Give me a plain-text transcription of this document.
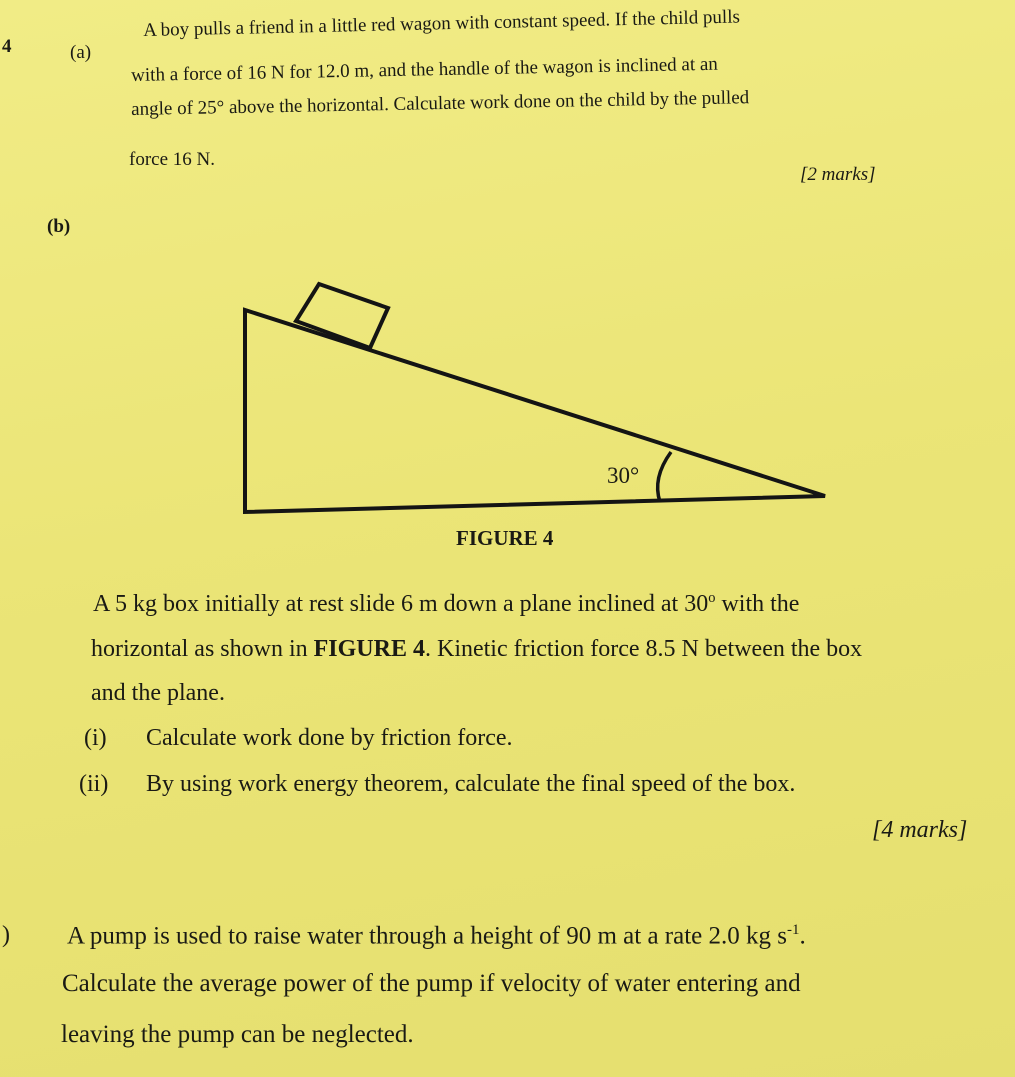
4	(a)
A boy pulls a friend in a little red wagon with constant speed. If the child pulls
with a force of 16 N for 12.0 m, and the handle of the wagon is inclined at an
angle of 25° above the horizontal. Calculate work done on the child by the pulled
force 16 N.
[2 marks]
(b)
30°
FIGURE 4
A 5 kg box initially at rest slide 6 m down a plane inclined at 30$^o$ with the
horizontal as shown in FIGURE 4. Kinetic friction force 8.5 N between the box
and the plane.
(i) Calculate work done by friction force.
(ii) By using work energy theorem, calculate the final speed of the box.
[4 marks]
) A pump is used to raise water through a height of 90 m at a rate 2.0 kg $s^{-1}$.
Calculate the average power of the pump if velocity of water entering and
leaving the pump can be neglected.
